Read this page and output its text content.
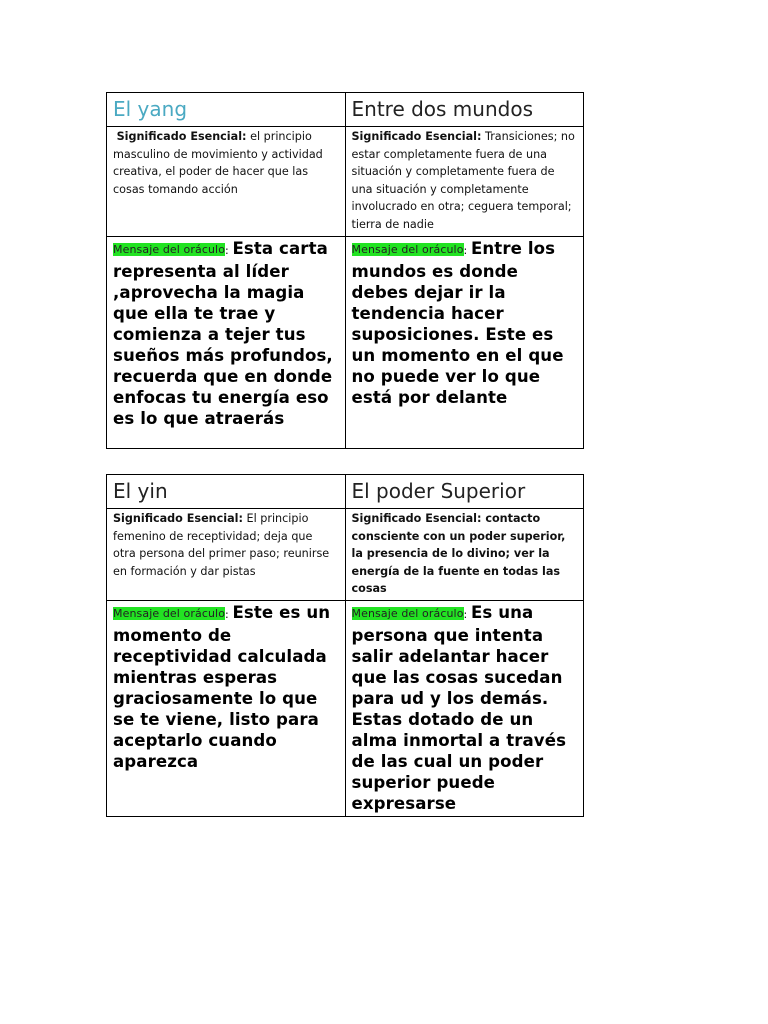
El yang	Entre dos mundos
Significado Esencial: el principio masculino de movimiento y actividad creativa, el poder de hacer que las cosas tomando acción	Significado Esencial: Transiciones; no estar completamente fuera de una situación y completamente fuera de una situación y completamente involucrado en otra; ceguera temporal; tierra de nadie
Mensaje del oráculo: Esta carta representa al líder ,aprovecha la magia que ella te trae y comienza a tejer tus sueños más profundos, recuerda que en donde enfocas tu energía eso es lo que atraerás	Mensaje del oráculo: Entre los mundos es donde debes dejar ir la tendencia hacer suposiciones. Este es un momento en el que no puede ver lo que está por delante
El yin	El poder Superior
Significado Esencial: El principio femenino de receptividad; deja que otra persona del primer paso; reunirse en formación y dar pistas	Significado Esencial: contacto consciente con un poder superior, la presencia de lo divino; ver la energía de la fuente en todas las cosas
Mensaje del oráculo: Este es un momento de receptividad calculada mientras esperas graciosamente lo que se te viene, listo para aceptarlo cuando aparezca	Mensaje del oráculo: Es una persona que intenta salir adelantar hacer que las cosas sucedan para ud y los demás. Estas dotado de un alma inmortal a través de las cual un poder superior puede expresarse
